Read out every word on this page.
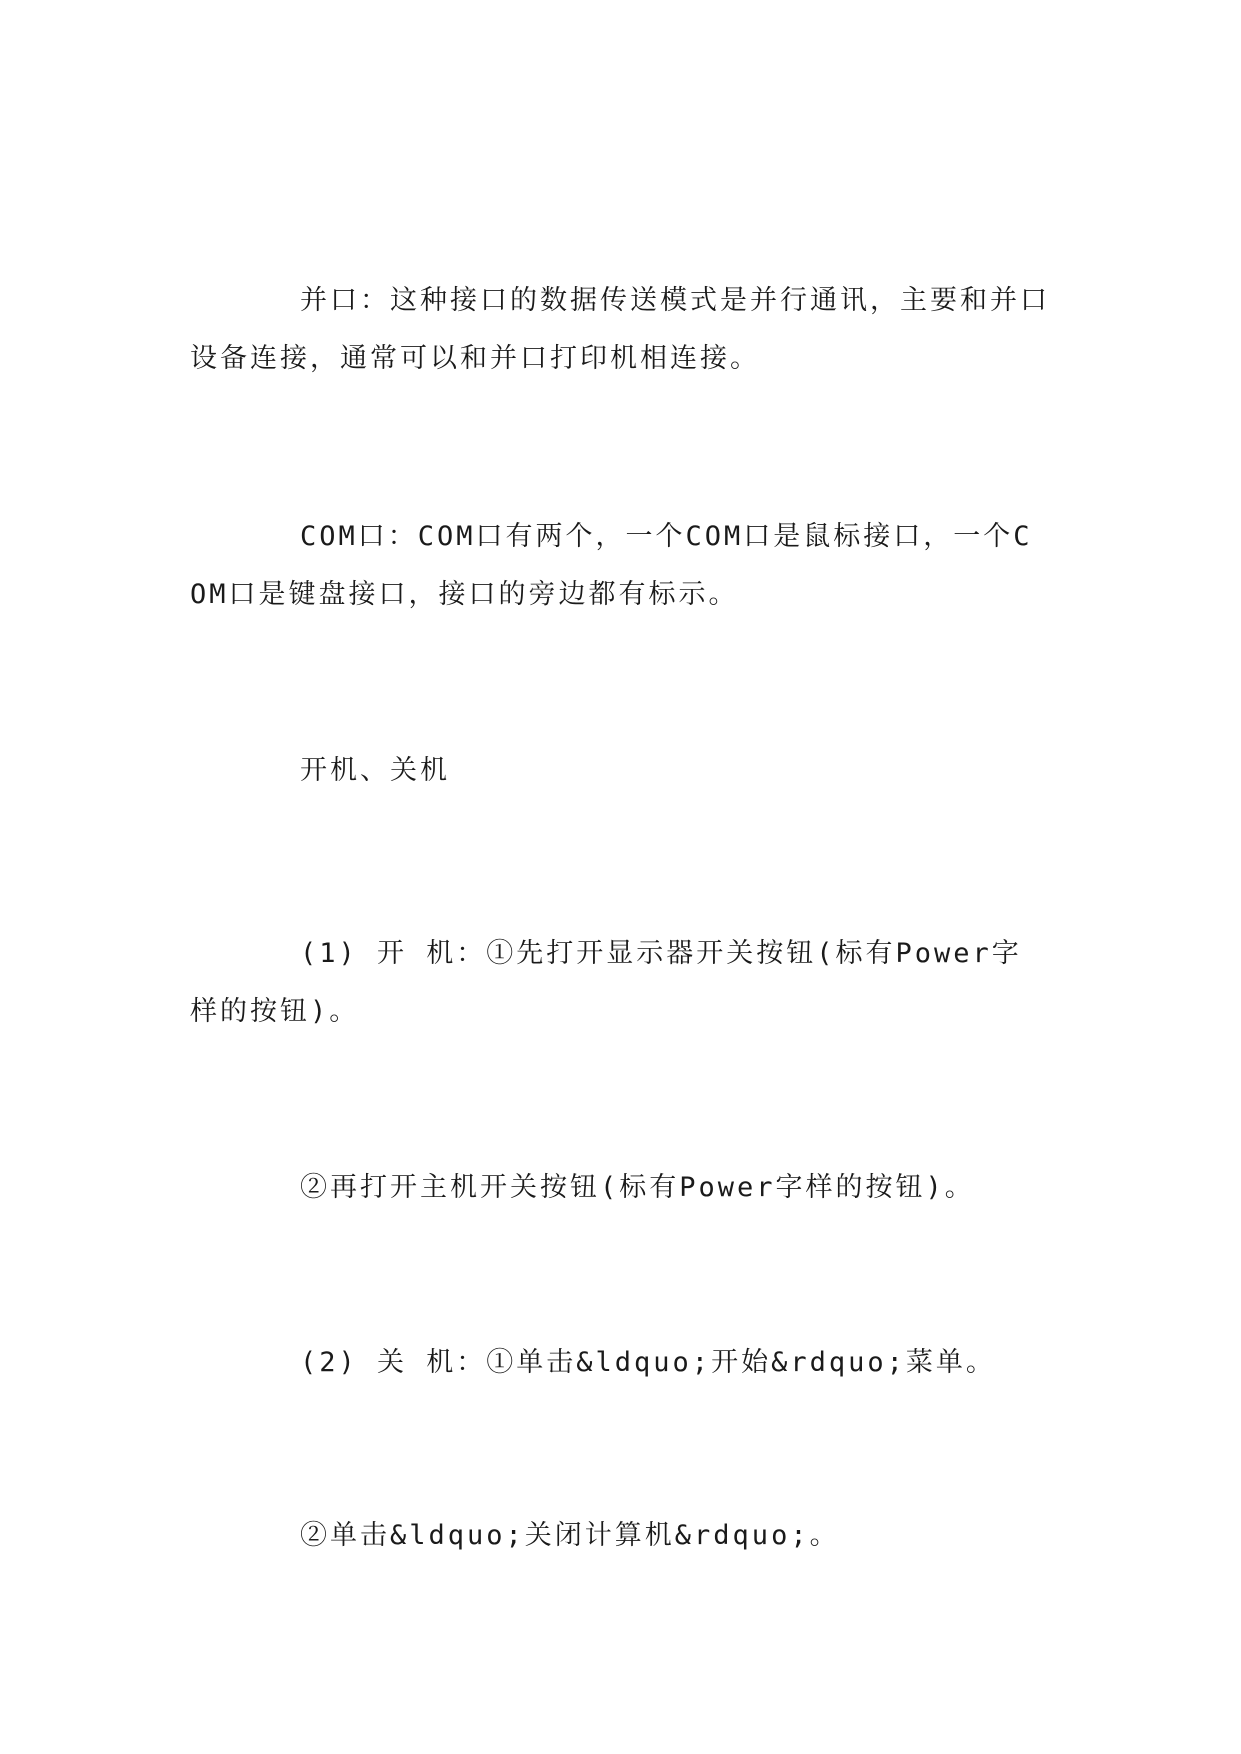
并口：这种接口的数据传送模式是并行通讯，主要和并口设备连接，通常可以和并口打印机相连接。

COM口：COM口有两个，一个COM口是鼠标接口，一个COM口是键盘接口，接口的旁边都有标示。

开机、关机

(1) 开 机：①先打开显示器开关按钮(标有Power字样的按钮)。

②再打开主机开关按钮(标有Power字样的按钮)。

(2) 关 机：①单击&ldquo;开始&rdquo;菜单。

②单击&ldquo;关闭计算机&rdquo;。
